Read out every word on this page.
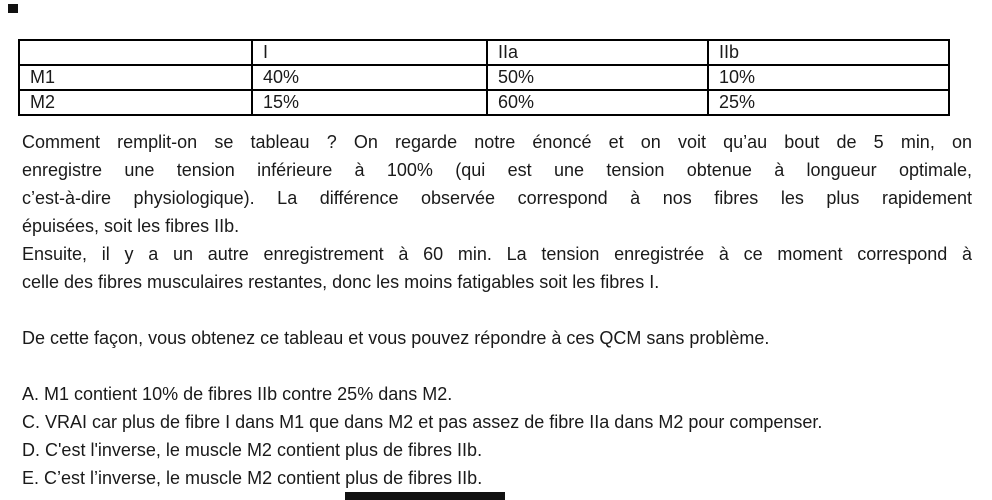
	I	IIa	IIb
M1	40%	50%	10%
M2	15%	60%	25%
Comment remplit-on se tableau ? On regarde notre énoncé et on voit qu’au bout de 5 min, on
enregistre une tension inférieure à 100% (qui est une tension obtenue à longueur optimale,
c’est-à-dire physiologique). La différence observée correspond à nos fibres les plus rapidement
épuisées, soit les fibres IIb.
Ensuite, il y a un autre enregistrement à 60 min. La tension enregistrée à ce moment correspond à
celle des fibres musculaires restantes, donc les moins fatigables soit les fibres I.
De cette façon, vous obtenez ce tableau et vous pouvez répondre à ces QCM sans problème.
A. M1 contient 10% de fibres IIb contre 25% dans M2.
C. VRAI car plus de fibre I dans M1 que dans M2 et pas assez de fibre IIa dans M2 pour compenser.
D. C'est l'inverse, le muscle M2 contient plus de fibres IIb.
E. C’est l’inverse, le muscle M2 contient plus de fibres IIb.
